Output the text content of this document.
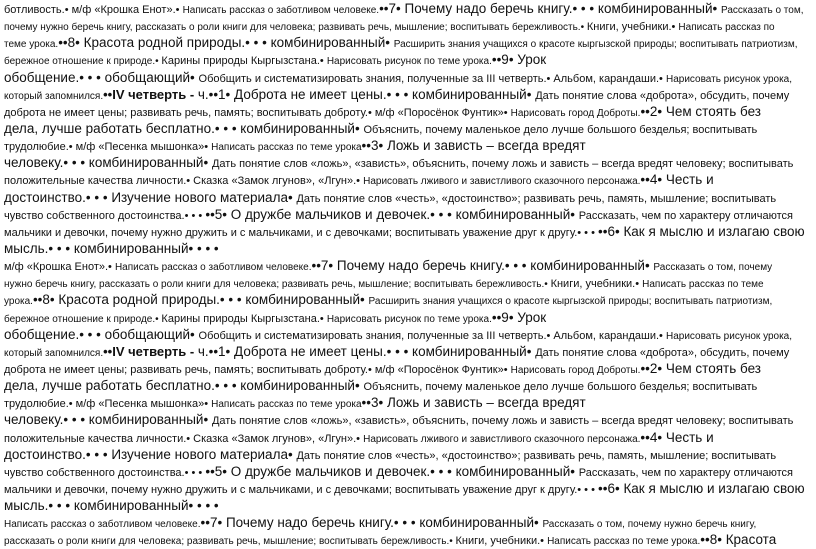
ботливость.• м/ф «Крошка Енот».• Написать рассказ о заботливом человеке.••7• Почему надо беречь книгу.• • • комбинированный• Рассказать о том,
почему нужно беречь книгу, рассказать о роли книги для человека; развивать речь, мышление; воспитывать бережливость.• Книги, учебники.• Написать рассказ по
теме урока.••8• Красота родной природы.• • • комбинированный• Расширить знания учащихся о красоте кыргызской природы; воспитывать патриотизм,
бережное отношение к природе.• Карины природы Кыргызстана.• Нарисовать рисунок по теме урока.••9• Урок
обобщение.• • • обобщающий• Обобщить и систематизировать знания, полученные за III четверть.• Альбом, карандаши.• Нарисовать рисунок урока,
который запомнился.••IV четверть - ч.••1• Доброта не имеет цены.• • • комбинированный• Дать понятие слова «доброта», обсудить, почему
доброта не имеет цены; развивать речь, память; воспитывать доброту.• м/ф «Поросёнок Фунтик»• Нарисовать город Доброты.••2• Чем стоять без
дела, лучше работать бесплатно.• • • комбинированный• Объяснить, почему маленькое дело лучше большого безделья; воспитывать
трудолюбие.• м/ф «Песенка мышонка»• Написать рассказ по теме урока••3• Ложь и зависть – всегда вредят
человеку.• • • комбинированный• Дать понятие слов «ложь», «зависть», объяснить, почему ложь и зависть – всегда вредят человеку; воспитывать
положительные качества личности.• Сказка «Замок лгунов», «Лгун».• Нарисовать лживого и завистливого сказочного персонажа.••4• Честь и
достоинство.• • • Изучение нового материала• Дать понятие слов «честь», «достоинство»; развивать речь, память, мышление; воспитывать
чувство собственного достоинства.• • • ••5• О дружбе мальчиков и девочек.• • • комбинированный• Рассказать, чем по характеру отличаются
мальчики и девочки, почему нужно дружить и с мальчиками, и с девочками; воспитывать уважение друг к другу.• • • ••6• Как я мыслю и излагаю свою
мысль.• • • комбинированный• • • •
м/ф «Крошка Енот».• Написать рассказ о заботливом человеке.••7• Почему надо беречь книгу.• • • комбинированный• Рассказать о том, почему
нужно беречь книгу, рассказать о роли книги для человека; развивать речь, мышление; воспитывать бережливость.• Книги, учебники.• Написать рассказ по теме
урока.••8• Красота родной природы.• • • комбинированный• Расширить знания учащихся о красоте кыргызской природы; воспитывать патриотизм,
бережное отношение к природе.• Карины природы Кыргызстана.• Нарисовать рисунок по теме урока.••9• Урок
обобщение.• • • обобщающий• Обобщить и систематизировать знания, полученные за III четверть.• Альбом, карандаши.• Нарисовать рисунок урока,
который запомнился.••IV четверть - ч.••1• Доброта не имеет цены.• • • комбинированный• Дать понятие слова «доброта», обсудить, почему
доброта не имеет цены; развивать речь, память; воспитывать доброту.• м/ф «Поросёнок Фунтик»• Нарисовать город Доброты.••2• Чем стоять без
дела, лучше работать бесплатно.• • • комбинированный• Объяснить, почему маленькое дело лучше большого безделья; воспитывать
трудолюбие.• м/ф «Песенка мышонка»• Написать рассказ по теме урока••3• Ложь и зависть – всегда вредят
человеку.• • • комбинированный• Дать понятие слов «ложь», «зависть», объяснить, почему ложь и зависть – всегда вредят человеку; воспитывать
положительные качества личности.• Сказка «Замок лгунов», «Лгун».• Нарисовать лживого и завистливого сказочного персонажа.••4• Честь и
достоинство.• • • Изучение нового материала• Дать понятие слов «честь», «достоинство»; развивать речь, память, мышление; воспитывать
чувство собственного достоинства.• • • ••5• О дружбе мальчиков и девочек.• • • комбинированный• Рассказать, чем по характеру отличаются
мальчики и девочки, почему нужно дружить и с мальчиками, и с девочками; воспитывать уважение друг к другу.• • • ••6• Как я мыслю и излагаю свою
мысль.• • • комбинированный• • • •
Написать рассказ о заботливом человеке.••7• Почему надо беречь книгу.• • • комбинированный• Рассказать о том, почему нужно беречь книгу,
рассказать о роли книги для человека; развивать речь, мышление; воспитывать бережливость.• Книги, учебники.• Написать рассказ по теме урока.••8• Красота
